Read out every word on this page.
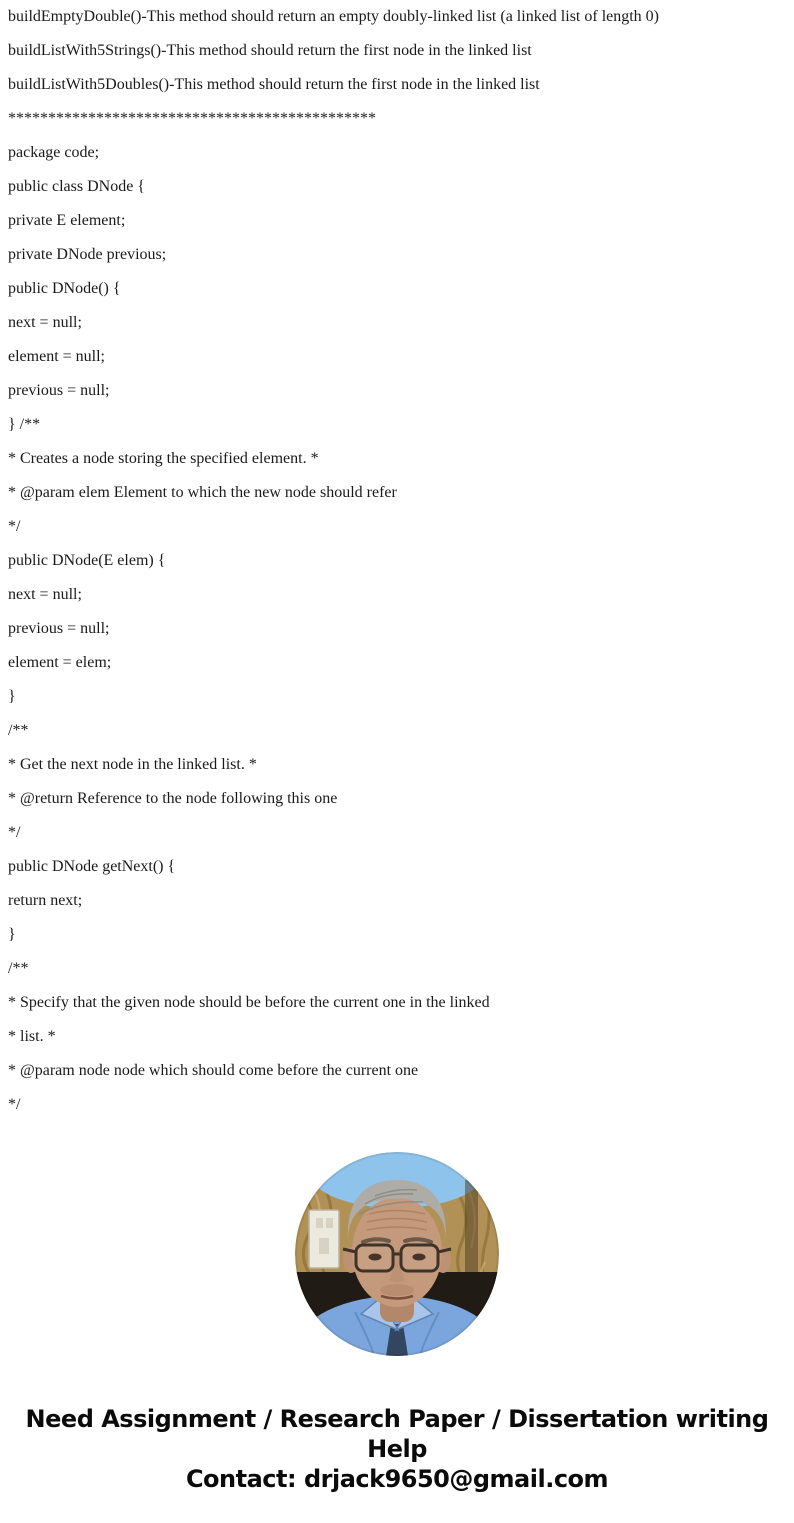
buildEmptyDouble()-This method should return an empty doubly-linked list (a linked list of length 0)
buildListWith5Strings()-This method should return the first node in the linked list
buildListWith5Doubles()-This method should return the first node in the linked list
**********************************************
package code;
public class DNode {
private E element;
private DNode previous;
public DNode() {
next = null;
element = null;
previous = null;
} /**
* Creates a node storing the specified element. *
* @param elem Element to which the new node should refer
*/
public DNode(E elem) {
next = null;
previous = null;
element = elem;
}
/**
* Get the next node in the linked list. *
* @return Reference to the node following this one
*/
public DNode getNext() {
return next;
}
/**
* Specify that the given node should be before the current one in the linked
* list. *
* @param node node which should come before the current one
*/
Need Assignment / Research Paper / Dissertation writing Help
Contact: drjack9650@gmail.com
